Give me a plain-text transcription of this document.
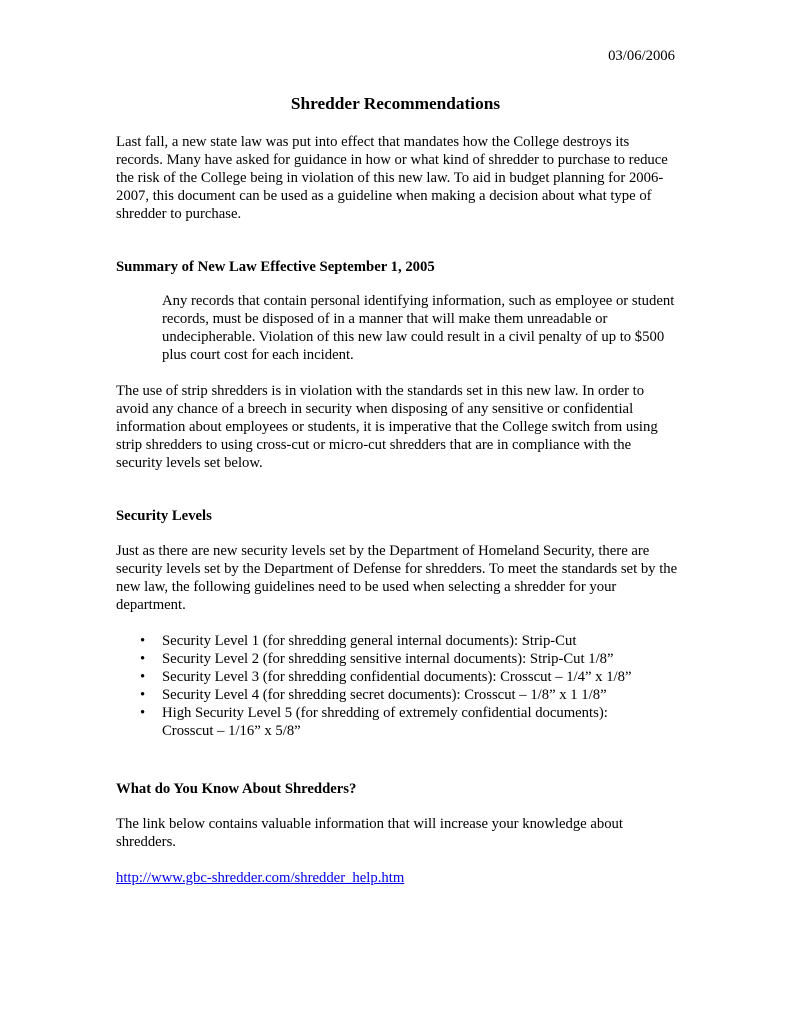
03/06/2006

Shredder Recommendations

Last fall, a new state law was put into effect that mandates how the College destroys its records. Many have asked for guidance in how or what kind of shredder to purchase to reduce the risk of the College being in violation of this new law. To aid in budget planning for 2006-2007, this document can be used as a guideline when making a decision about what type of shredder to purchase.

Summary of New Law Effective September 1, 2005

Any records that contain personal identifying information, such as employee or student records, must be disposed of in a manner that will make them unreadable or undecipherable. Violation of this new law could result in a civil penalty of up to $500 plus court cost for each incident.

The use of strip shredders is in violation with the standards set in this new law. In order to avoid any chance of a breech in security when disposing of any sensitive or confidential information about employees or students, it is imperative that the College switch from using strip shredders to using cross-cut or micro-cut shredders that are in compliance with the security levels set below.

Security Levels

Just as there are new security levels set by the Department of Homeland Security, there are security levels set by the Department of Defense for shredders. To meet the standards set by the new law, the following guidelines need to be used when selecting a shredder for your department.

• Security Level 1 (for shredding general internal documents): Strip-Cut
• Security Level 2 (for shredding sensitive internal documents): Strip-Cut 1/8”
• Security Level 3 (for shredding confidential documents): Crosscut – 1/4” x 1/8”
• Security Level 4 (for shredding secret documents): Crosscut – 1/8” x 1 1/8”
• High Security Level 5 (for shredding of extremely confidential documents): Crosscut – 1/16” x 5/8”

What do You Know About Shredders?

The link below contains valuable information that will increase your knowledge about shredders.

http://www.gbc-shredder.com/shredder_help.htm
